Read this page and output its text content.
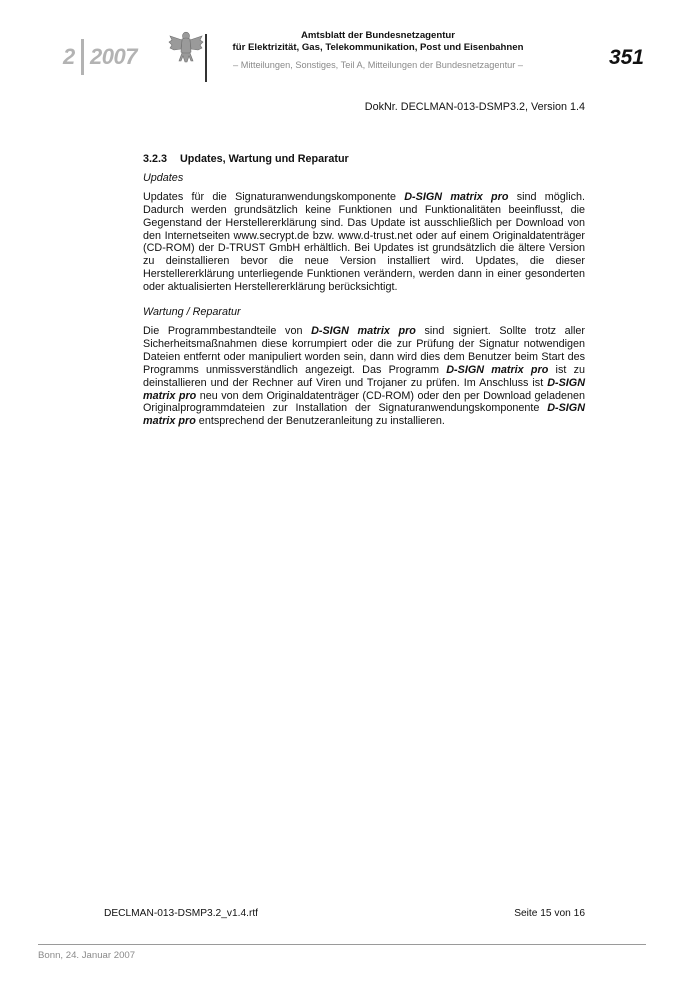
2 2007
Amtsblatt der Bundesnetzagentur
für Elektrizität, Gas, Telekommunikation, Post und Eisenbahnen
– Mitteilungen, Sonstiges, Teil A, Mitteilungen der Bundesnetzagentur –	351
DokNr. DECLMAN-013-DSMP3.2, Version 1.4
3.2.3 Updates, Wartung und Reparatur
Updates

Updates für die Signaturanwendungskomponente D-SIGN matrix pro sind möglich. Dadurch werden grundsätzlich keine Funktionen und Funktionalitäten beeinflusst, die Gegenstand der Herstellererklärung sind. Das Update ist ausschließlich per Download von den Internetseiten www.secrypt.de bzw. www.d-trust.net oder auf einem Originaldatenträger (CD-ROM) der D-TRUST GmbH erhältlich. Bei Updates ist grundsätzlich die ältere Version zu deinstallieren bevor die neue Version installiert wird. Updates, die dieser Herstellererklärung unterliegende Funktionen verändern, werden dann in einer gesonderten oder aktualisierten Herstellererklärung berücksichtigt.

Wartung / Reparatur

Die Programmbestandteile von D-SIGN matrix pro sind signiert. Sollte trotz aller Sicherheitsmaßnahmen diese korrumpiert oder die zur Prüfung der Signatur notwendigen Dateien entfernt oder manipuliert worden sein, dann wird dies dem Benutzer beim Start des Programms unmissverständlich angezeigt. Das Programm D-SIGN matrix pro ist zu deinstallieren und der Rechner auf Viren und Trojaner zu prüfen. Im Anschluss ist D-SIGN matrix pro neu von dem Originaldatenträger (CD-ROM) oder den per Download geladenen Originalprogrammdateien zur Installation der Signaturanwendungskomponente D-SIGN matrix pro entsprechend der Benutzeranleitung zu installieren.

DECLMAN-013-DSMP3.2_v1.4.rtf	Seite 15 von 16
Bonn, 24. Januar 2007
